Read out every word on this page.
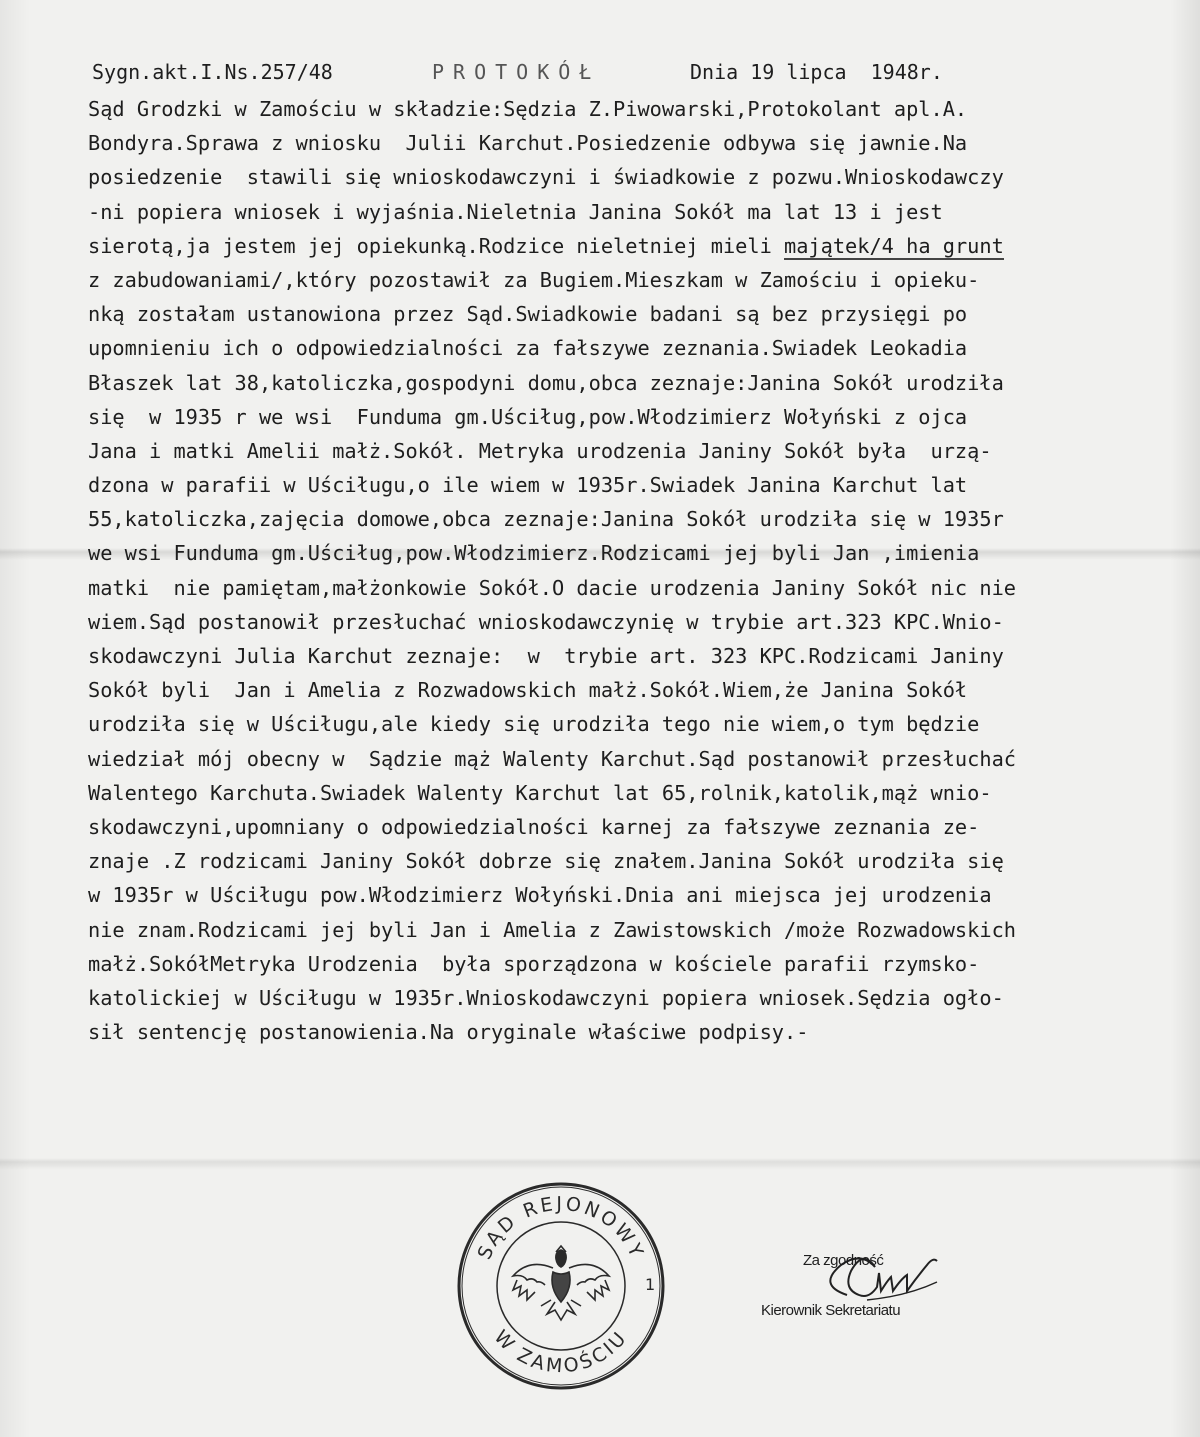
Sygn.akt.I.Ns.257/48

	PROTOKÓŁ

	Dnia 19 lipca  1948r.

Sąd Grodzki w Zamościu w składzie:Sędzia Z.Piwowarski,Protokolant apl.A.
Bondyra.Sprawa z wniosku  Julii Karchut.Posiedzenie odbywa się jawnie.Na
posiedzenie  stawili się wnioskodawczyni i świadkowie z pozwu.Wnioskodawczy
-ni popiera wniosek i wyjaśnia.Nieletnia Janina Sokół ma lat 13 i jest
sierotą,ja jestem jej opiekunką.Rodzice nieletniej mieli majątek/4 ha grunt
z zabudowaniami/,który pozostawił za Bugiem.Mieszkam w Zamościu i opieku-
nką zostałam ustanowiona przez Sąd.Swiadkowie badani są bez przysięgi po
upomnieniu ich o odpowiedzialności za fałszywe zeznania.Swiadek Leokadia
Błaszek lat 38,katoliczka,gospodyni domu,obca zeznaje:Janina Sokół urodziła
się  w 1935 r we wsi  Funduma gm.Uściług,pow.Włodzimierz Wołyński z ojca
Jana i matki Amelii małż.Sokół. Metryka urodzenia Janiny Sokół była  urzą-
dzona w parafii w Uściługu,o ile wiem w 1935r.Swiadek Janina Karchut lat
55,katoliczka,zajęcia domowe,obca zeznaje:Janina Sokół urodziła się w 1935r
we wsi Funduma gm.Uściług,pow.Włodzimierz.Rodzicami jej byli Jan ,imienia
matki  nie pamiętam,małżonkowie Sokół.O dacie urodzenia Janiny Sokół nic nie
wiem.Sąd postanowił przesłuchać wnioskodawczynię w trybie art.323 KPC.Wnio-
skodawczyni Julia Karchut zeznaje:  w  trybie art. 323 KPC.Rodzicami Janiny
Sokół byli  Jan i Amelia z Rozwadowskich małż.Sokół.Wiem,że Janina Sokół
urodziła się w Uściługu,ale kiedy się urodziła tego nie wiem,o tym będzie
wiedział mój obecny w  Sądzie mąż Walenty Karchut.Sąd postanowił przesłuchać
Walentego Karchuta.Swiadek Walenty Karchut lat 65,rolnik,katolik,mąż wnio-
skodawczyni,upomniany o odpowiedzialności karnej za fałszywe zeznania ze-
znaje .Z rodzicami Janiny Sokół dobrze się znałem.Janina Sokół urodziła się
w 1935r w Uściługu pow.Włodzimierz Wołyński.Dnia ani miejsca jej urodzenia
nie znam.Rodzicami jej byli Jan i Amelia z Zawistowskich /może Rozwadowskich
małż.SokółMetryka Urodzenia  była sporządzona w kościele parafii rzymsko-
katolickiej w Uściługu w 1935r.Wnioskodawczyni popiera wniosek.Sędzia ogło-
sił sentencję postanowienia.Na oryginale właściwe podpisy.-
SĄD REJONOWY
W ZAMOŚCIU
1
Za zgodność
Kierownik Sekretariatu
